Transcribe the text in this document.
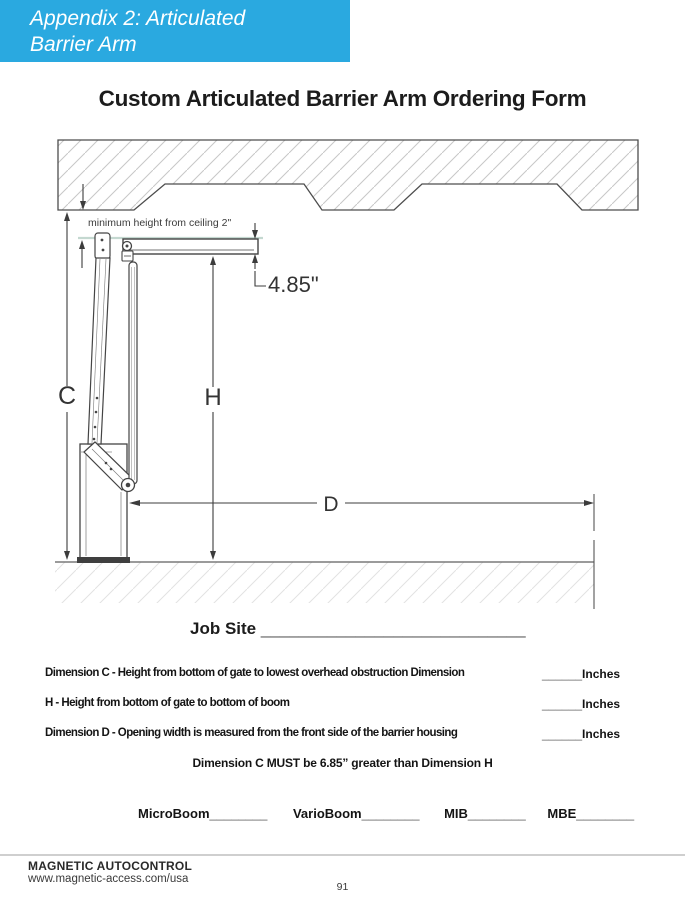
Appendix 2: Articulated
Barrier Arm
Custom Articulated Barrier Arm Ordering Form
minimum height from ceiling 2"
C	H
D
4.85"
Job Site ____________________________
Dimension C - Height from bottom of gate to lowest overhead obstruction Dimension	______Inches
H - Height from bottom of gate to bottom of boom	______Inches
Dimension D - Opening width is measured from the front side of the barrier housing	______Inches
Dimension C MUST be 6.85” greater than Dimension H
MicroBoom________ VarioBoom________ MIB________ MBE________
MAGNETIC AUTOCONTROL
www.magnetic-access.com/usa
91
